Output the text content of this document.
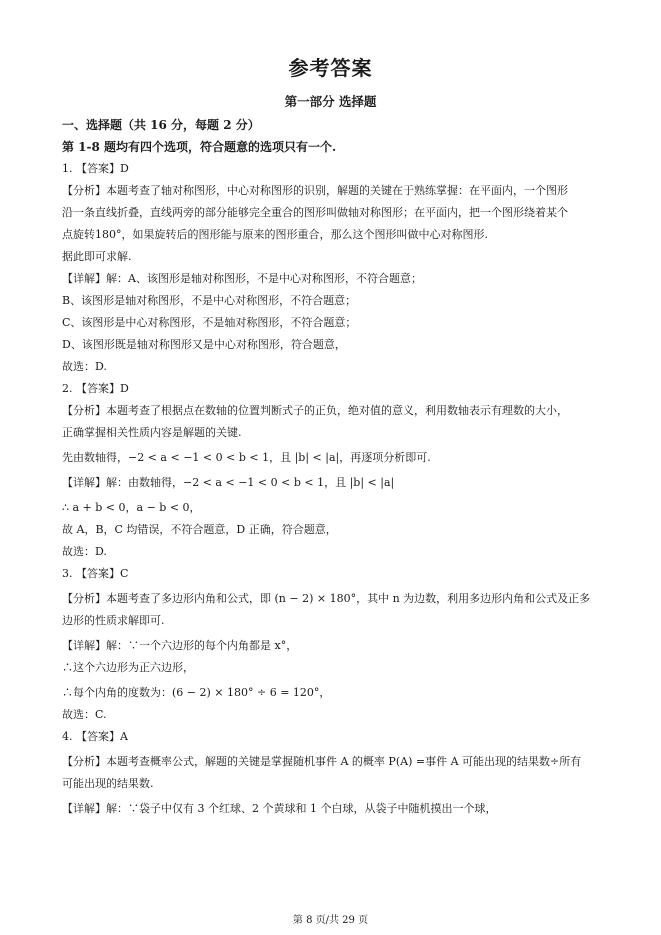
参考答案
第一部分 选择题
一、选择题（共 16 分，每题 2 分）
第 1-8 题均有四个选项，符合题意的选项只有一个.
1. 【答案】D
【分析】本题考查了轴对称图形，中心对称图形的识别，解题的关键在于熟练掌握：在平面内，一个图形
沿一条直线折叠，直线两旁的部分能够完全重合的图形叫做轴对称图形；在平面内，把一个图形绕着某个
点旋转180°，如果旋转后的图形能与原来的图形重合，那么这个图形叫做中心对称图形.
据此即可求解.
【详解】解：A、该图形是轴对称图形，不是中心对称图形，不符合题意；
B、该图形是轴对称图形，不是中心对称图形，不符合题意；
C、该图形是中心对称图形，不是轴对称图形，不符合题意；
D、该图形既是轴对称图形又是中心对称图形，符合题意，
故选：D.
2. 【答案】D
【分析】本题考查了根据点在数轴的位置判断式子的正负，绝对值的意义，利用数轴表示有理数的大小，
正确掌握相关性质内容是解题的关键.
先由数轴得，−2 < a < −1 < 0 < b < 1，且 |b| < |a|，再逐项分析即可.
【详解】解：由数轴得，−2 < a < −1 < 0 < b < 1，且 |b| < |a|
∴ a + b < 0，a − b < 0，
故 A，B，C 均错误，不符合题意，D 正确，符合题意，
故选：D.
3. 【答案】C
【分析】本题考查了多边形内角和公式，即 (n − 2) × 180°，其中 n 为边数，利用多边形内角和公式及正多
边形的性质求解即可.
【详解】解：∵一个六边形的每个内角都是 x°，
∴这个六边形为正六边形，
∴每个内角的度数为：(6 − 2) × 180° ÷ 6 = 120°，
故选：C.
4. 【答案】A
【分析】本题考查概率公式，解题的关键是掌握随机事件 A 的概率 P(A) =事件 A 可能出现的结果数÷所有
可能出现的结果数.
【详解】解：∵袋子中仅有 3 个红球、2 个黄球和 1 个白球，从袋子中随机摸出一个球，
第 8 页/共 29 页
